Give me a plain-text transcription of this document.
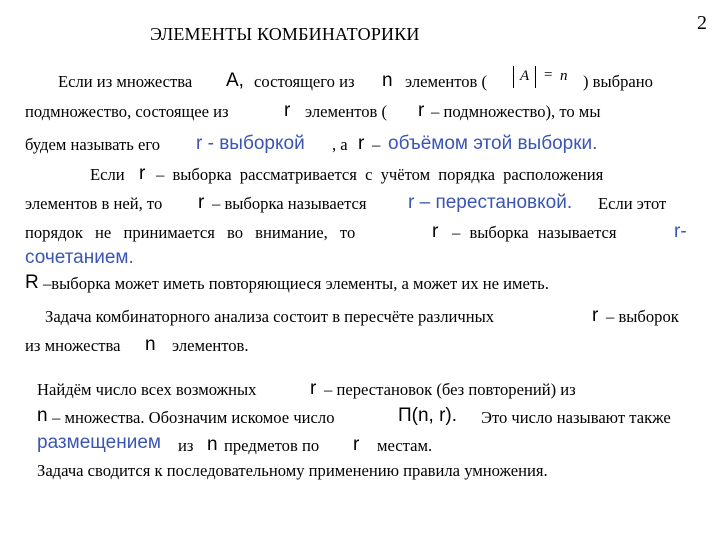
2
ЭЛЕМЕНТЫ КОМБИНАТОРИКИ
Если из множества A, состоящего из n элементов ( A = n ) выбрано
подмножество, состоящее из	r элементов ( r – подмножество), то мы
будем называть его r - выборкой , а r – объёмом этой выборки.
Если r – выборка рассматривается с учётом порядка расположения
элементов в ней, то r – выборка называется r – перестановкой. Если этот
порядок не принимается во внимание, то	r – выборка называется	r-
сочетанием.
R –выборка может иметь повторяющиеся элементы, а может их не иметь.
Задача комбинаторного анализа состоит в пересчёте различных	r – выборок
из множества n элементов.
Найдём число всех возможных	r – перестановок (без повторений) из
n – множества. Обозначим искомое число	П(n, r). Это число называют также
размещением из n предметов по r местам.
Задача сводится к последовательному применению правила умножения.
